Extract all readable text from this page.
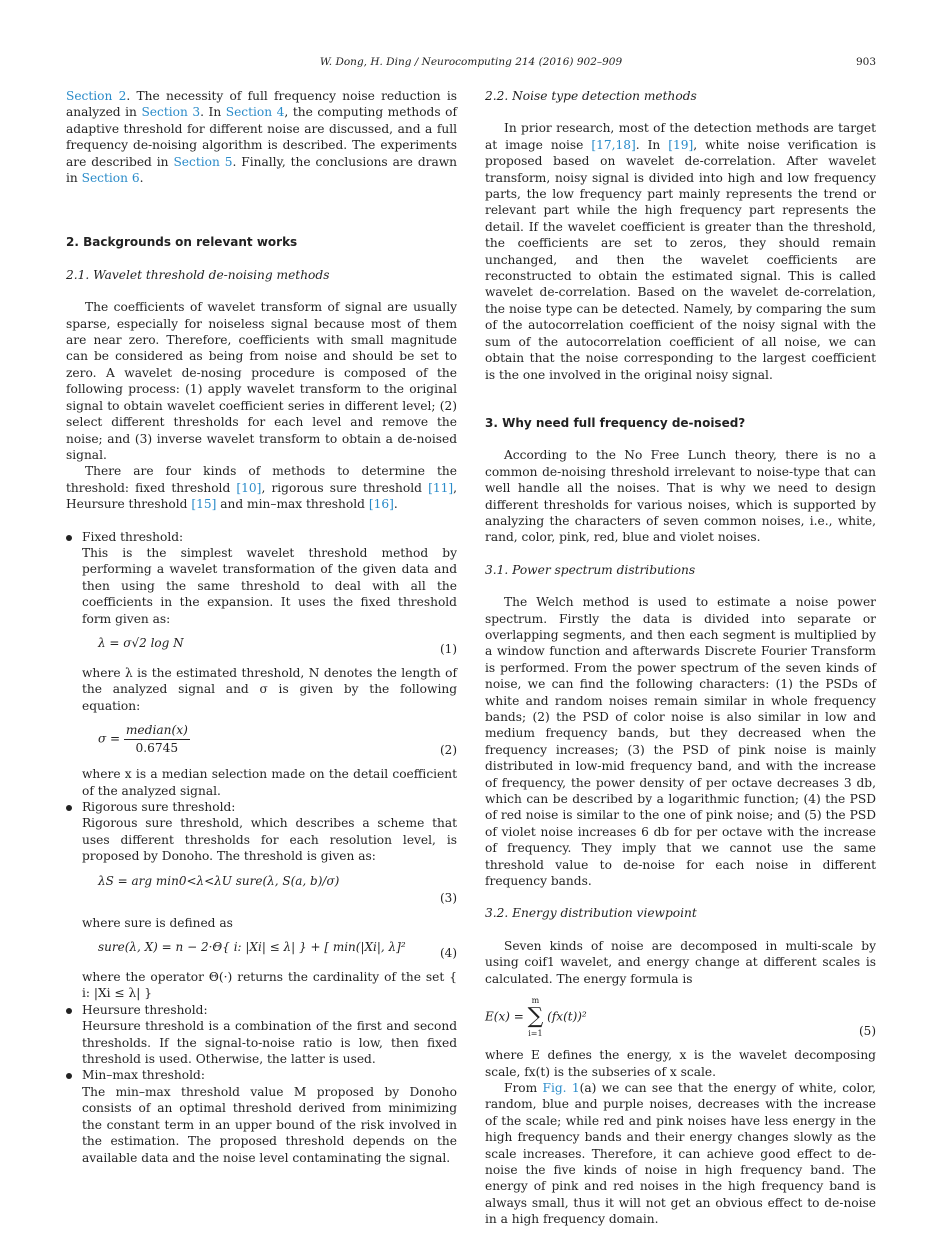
W. Dong, H. Ding / Neurocomputing 214 (2016) 902–909	903

Section 2. The necessity of full frequency noise reduction is analyzed in Section 3. In Section 4, the computing methods of adaptive threshold for different noise are discussed, and a full frequency de-noising algorithm is described. The experiments are described in Section 5. Finally, the conclusions are drawn in Section 6.

2. Backgrounds on relevant works

2.1. Wavelet threshold de-noising methods

The coefficients of wavelet transform of signal are usually sparse, especially for noiseless signal because most of them are near zero. Therefore, coefficients with small magnitude can be considered as being from noise and should be set to zero. A wavelet de-nosing procedure is composed of the following process: (1) apply wavelet transform to the original signal to obtain wavelet coefficient series in different level; (2) select different thresholds for each level and remove the noise; and (3) inverse wavelet transform to obtain a de-noised signal.

There are four kinds of methods to determine the threshold: fixed threshold [10], rigorous sure threshold [11], Heursure threshold [15] and min–max threshold [16].

Fixed threshold:

This is the simplest wavelet threshold method by performing a wavelet transformation of the given data and then using the same threshold to deal with all the coefficients in the expansion. It uses the fixed threshold form given as:

λ = σ√2 log N	(1)

where λ is the estimated threshold, N denotes the length of the analyzed signal and σ is given by the following equation:

$\sigma = \frac{\text{median(x)}}{0.6745}$	(2)

where x is a median selection made on the detail coefficient of the analyzed signal.

Rigorous sure threshold:

Rigorous sure threshold, which describes a scheme that uses different thresholds for each resolution level, is proposed by Donoho. The threshold is given as:

λS = arg min0<λ<λU sure(λ, S(a, b)/σ)
(3)

where sure is defined as

sure(λ, X) = n − 2·Θ{ i: |Xi| ≤ λ| } + [ min(|Xi|, λ]²	(4)

where the operator Θ(·) returns the cardinality of the set { i: |Xi ≤ λ| }

Heursure threshold:

Heursure threshold is a combination of the first and second thresholds. If the signal-to-noise ratio is low, then fixed threshold is used. Otherwise, the latter is used.

Min–max threshold:

The min–max threshold value M proposed by Donoho consists of an optimal threshold derived from minimizing the constant term in an upper bound of the risk involved in the estimation. The proposed threshold depends on the available data and the noise level contaminating the signal.

2.2. Noise type detection methods

In prior research, most of the detection methods are target at image noise [17,18]. In [19], white noise verification is proposed based on wavelet de-correlation. After wavelet transform, noisy signal is divided into high and low frequency parts, the low frequency part mainly represents the trend or relevant part while the high frequency part represents the detail. If the wavelet coefficient is greater than the threshold, the coefficients are set to zeros, they should remain unchanged, and then the wavelet coefficients are reconstructed to obtain the estimated signal. This is called wavelet de-correlation. Based on the wavelet de-correlation, the noise type can be detected. Namely, by comparing the sum of the autocorrelation coefficient of the noisy signal with the sum of the autocorrelation coefficient of all noise, we can obtain that the noise corresponding to the largest coefficient is the one involved in the original noisy signal.

3. Why need full frequency de-noised?

According to the No Free Lunch theory, there is no a common de-noising threshold irrelevant to noise-type that can well handle all the noises. That is why we need to design different thresholds for various noises, which is supported by analyzing the characters of seven common noises, i.e., white, rand, color, pink, red, blue and violet noises.

3.1. Power spectrum distributions

The Welch method is used to estimate a noise power spectrum. Firstly the data is divided into separate or overlapping segments, and then each segment is multiplied by a window function and afterwards Discrete Fourier Transform is performed. From the power spectrum of the seven kinds of noise, we can find the following characters: (1) the PSDs of white and random noises remain similar in whole frequency bands; (2) the PSD of color noise is also similar in low and medium frequency bands, but they decreased when the frequency increases; (3) the PSD of pink noise is mainly distributed in low-mid frequency band, and with the increase of frequency, the power density of per octave decreases 3 db, which can be described by a logarithmic function; (4) the PSD of red noise is similar to the one of pink noise; and (5) the PSD of violet noise increases 6 db for per octave with the increase of frequency. They imply that we cannot use the same threshold value to de-noise for each noise in different frequency bands.

3.2. Energy distribution viewpoint

Seven kinds of noise are decomposed in multi-scale by using coif1 wavelet, and energy change at different scales is calculated. The energy formula is

E(x) =
m
∑
i=1
(fx(t))²
(5)

where E defines the energy, x is the wavelet decomposing scale, fx(t) is the subseries of x scale.

From Fig. 1(a) we can see that the energy of white, color, random, blue and purple noises, decreases with the increase of the scale; while red and pink noises have less energy in the high frequency bands and their energy changes slowly as the scale increases. Therefore, it can achieve good effect to de-noise the five kinds of noise in high frequency band. The energy of pink and red noises in the high frequency band is always small, thus it will not get an obvious effect to de-noise in a high frequency domain.
